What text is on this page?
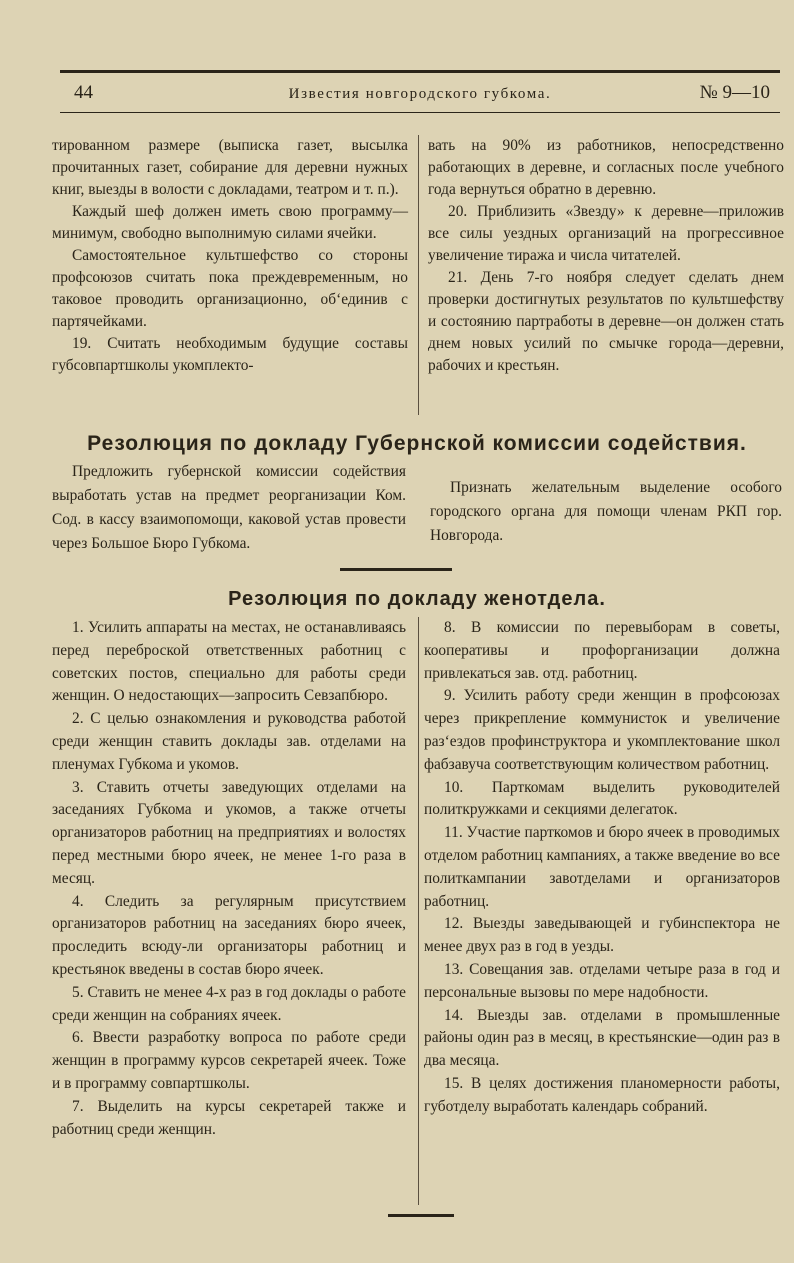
44	Известия новгородского губкома.	№ 9—10

тированном размере (выписка газет, высылка прочитанных газет, собирание для деревни нужных книг, выезды в волости с докладами, театром и т. п.).

Каждый шеф должен иметь свою программу—минимум, свободно выполнимую силами ячейки.

Самостоятельное культшефство со стороны профсоюзов считать пока преждевременным, но таковое проводить организационно, об‘единив с партячейками.

19. Считать необходимым будущие составы губсовпартшколы укомплекто-

вать на 90% из работников, непосредственно работающих в деревне, и согласных после учебного года вернуться обратно в деревню.

20. Приблизить «Звезду» к деревне—приложив все силы уездных организаций на прогрессивное увеличение тиража и числа читателей.

21. День 7-го ноября следует сделать днем проверки достигнутых результатов по культшефству и состоянию партработы в деревне—он должен стать днем новых усилий по смычке города—деревни, рабочих и крестьян.

Резолюция по докладу Губернской комиссии содействия.

Предложить губернской комиссии содействия выработать устав на предмет реорганизации Ком. Сод. в кассу взаимопомощи, каковой устав провести через Большое Бюро Губкома.

Признать желательным выделение особого городского органа для помощи членам РКП гор. Новгорода.

Резолюция по докладу женотдела.

1. Усилить аппараты на местах, не останавливаясь перед переброской ответственных работниц с советских постов, специально для работы среди женщин. О недостающих—запросить Севзапбюро.

2. С целью ознакомления и руководства работой среди женщин ставить доклады зав. отделами на пленумах Губкома и укомов.

3. Ставить отчеты заведующих отделами на заседаниях Губкома и укомов, а также отчеты организаторов работниц на предприятиях и волостях перед местными бюро ячеек, не менее 1-го раза в месяц.

4. Следить за регулярным присутствием организаторов работниц на заседаниях бюро ячеек, проследить всюду-ли организаторы работниц и крестьянок введены в состав бюро ячеек.

5. Ставить не менее 4-х раз в год доклады о работе среди женщин на собраниях ячеек.

6. Ввести разработку вопроса по работе среди женщин в программу курсов секретарей ячеек. Тоже и в программу совпартшколы.

7. Выделить на курсы секретарей также и работниц среди женщин.

8. В комиссии по перевыборам в советы, кооперативы и профорганизации должна привлекаться зав. отд. работниц.

9. Усилить работу среди женщин в профсоюзах через прикрепление коммунисток и увеличение раз‘ездов профинструктора и укомплектование школ фабзавуча соответствующим количеством работниц.

10. Парткомам выделить руководителей политкружками и секциями делегаток.

11. Участие парткомов и бюро ячеек в проводимых отделом работниц кампаниях, а также введение во все политкампании завотделами и организаторов работниц.

12. Выезды заведывающей и губинспектора не менее двух раз в год в уезды.

13. Совещания зав. отделами четыре раза в год и персональные вызовы по мере надобности.

14. Выезды зав. отделами в промышленные районы один раз в месяц, в крестьянские—один раз в два месяца.

15. В целях достижения планомерности работы, губотделу выработать календарь собраний.
